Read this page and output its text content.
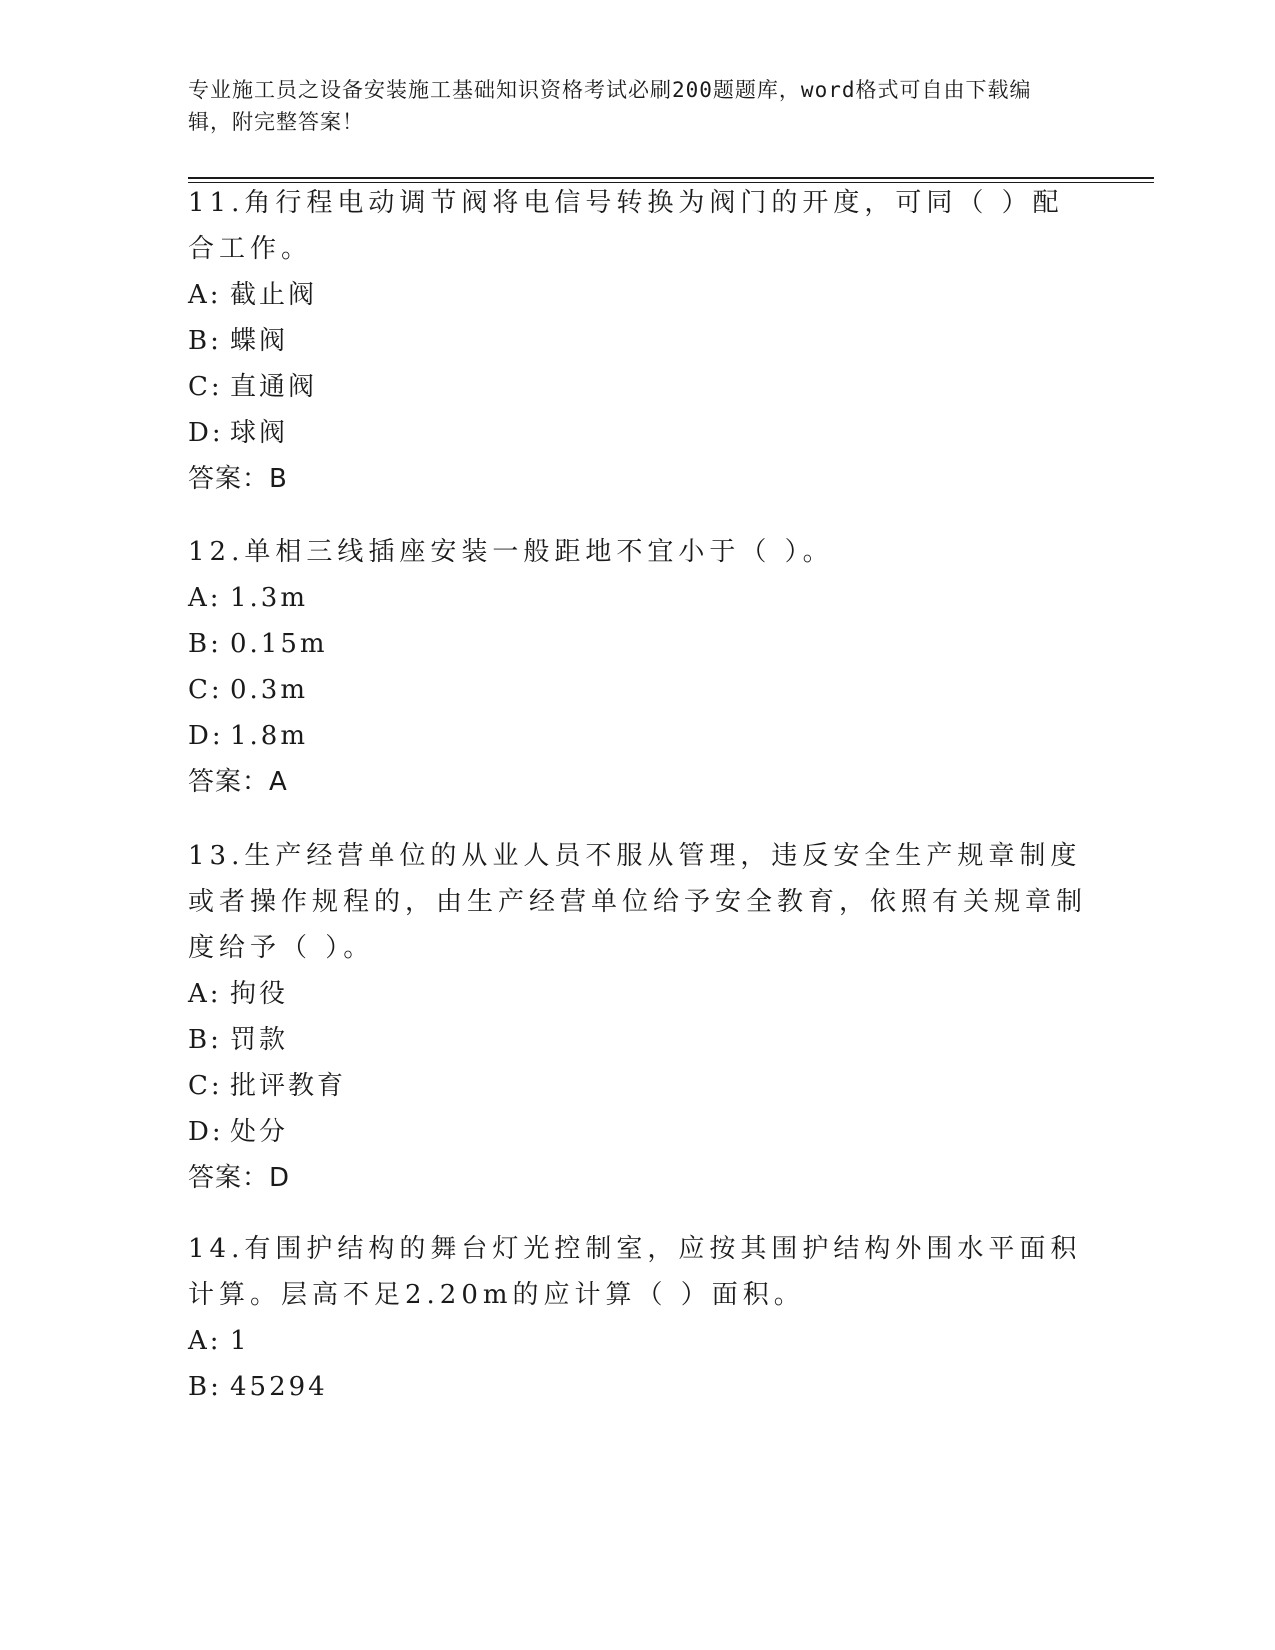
专业施工员之设备安装施工基础知识资格考试必刷200题题库，word格式可自由下载编辑，附完整答案！

11.角行程电动调节阀将电信号转换为阀门的开度，可同（ ）配合工作。

A: 截止阀

B: 蝶阀

C: 直通阀

D: 球阀

答案：B

12.单相三线插座安装一般距地不宜小于（ ）。

A: 1.3m

B: 0.15m

C: 0.3m

D: 1.8m

答案：A

13.生产经营单位的从业人员不服从管理，违反安全生产规章制度或者操作规程的，由生产经营单位给予安全教育，依照有关规章制度给予（ ）。

A: 拘役

B: 罚款

C: 批评教育

D: 处分

答案：D

14.有围护结构的舞台灯光控制室，应按其围护结构外围水平面积计算。层高不足2.20m的应计算（ ）面积。

A: 1

B: 45294
